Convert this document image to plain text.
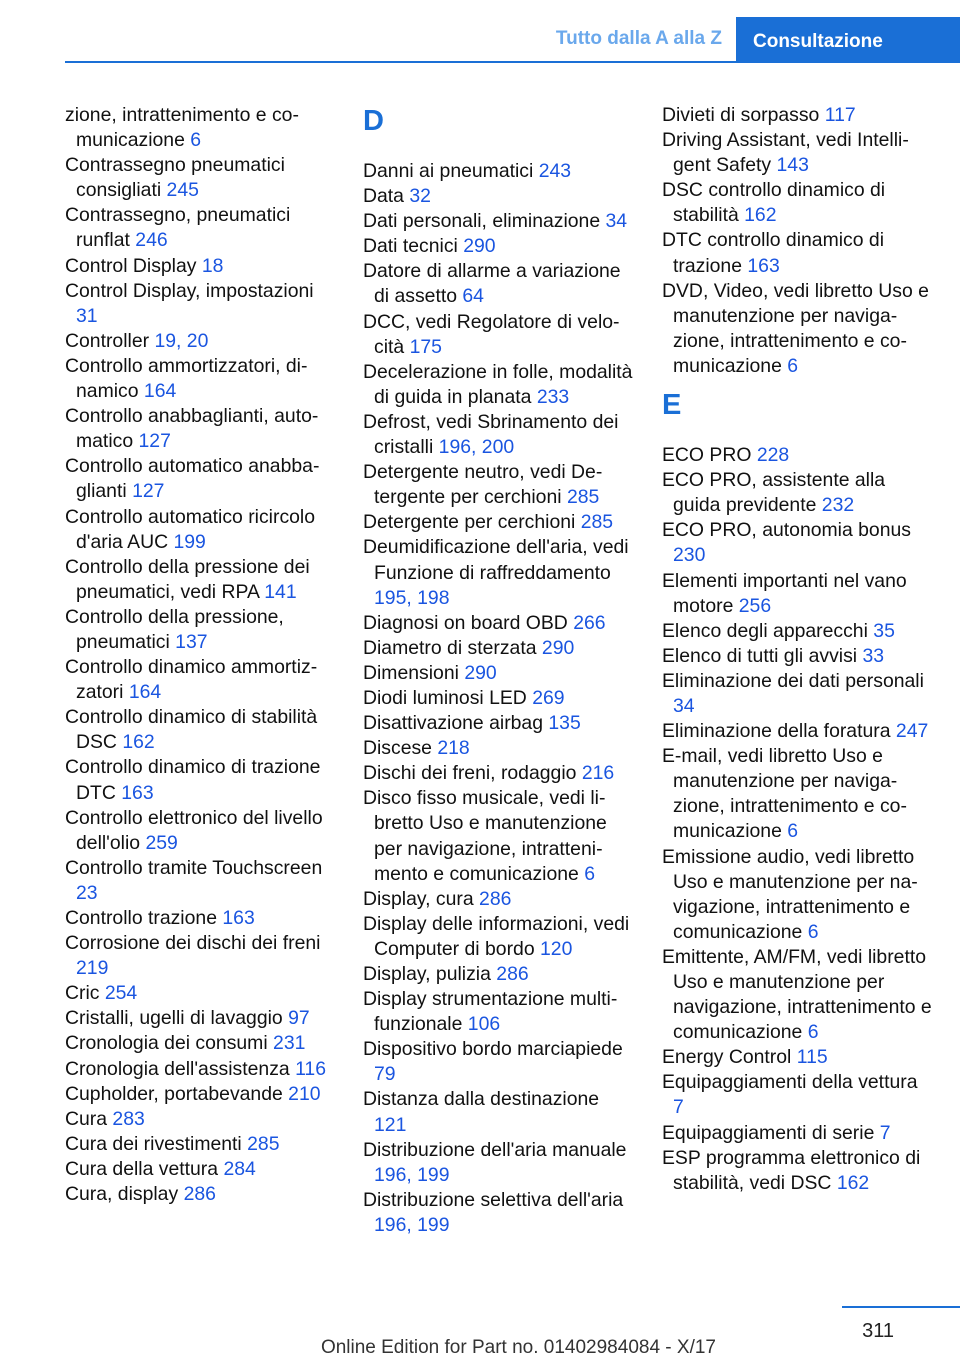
Tutto dalla A alla Z	Consultazione
zione, intrattenimento e comunicazione 6
Contrassegno pneumatici consigliati 245
Contrassegno, pneumatici runflat 246
Control Display 18
Control Display, impostazioni 31
Controller 19, 20
Controllo ammortizzatori, dinamico 164
Controllo anabbaglianti, automatico 127
Controllo automatico anabbaglianti 127
Controllo automatico ricircolo d'aria AUC 199
Controllo della pressione dei pneumatici, vedi RPA 141
Controllo della pressione, pneumatici 137
Controllo dinamico ammortizzatori 164
Controllo dinamico di stabilità DSC 162
Controllo dinamico di trazione DTC 163
Controllo elettronico del livello dell'olio 259
Controllo tramite Touchscreen 23
Controllo trazione 163
Corrosione dei dischi dei freni 219
Cric 254
Cristalli, ugelli di lavaggio 97
Cronologia dei consumi 231
Cronologia dell'assistenza 116
Cupholder, portabevande 210
Cura 283
Cura dei rivestimenti 285
Cura della vettura 284
Cura, display 286
D
Danni ai pneumatici 243
Data 32
Dati personali, eliminazione 34
Dati tecnici 290
Datore di allarme a variazione di assetto 64
DCC, vedi Regolatore di velocità 175
Decelerazione in folle, modalità di guida in planata 233
Defrost, vedi Sbrinamento dei cristalli 196, 200
Detergente neutro, vedi Detergente per cerchioni 285
Detergente per cerchioni 285
Deumidificazione dell'aria, vedi Funzione di raffreddamento 195, 198
Diagnosi on board OBD 266
Diametro di sterzata 290
Dimensioni 290
Diodi luminosi LED 269
Disattivazione airbag 135
Discese 218
Dischi dei freni, rodaggio 216
Disco fisso musicale, vedi libretto Uso e manutenzione per navigazione, intrattenimento e comunicazione 6
Display, cura 286
Display delle informazioni, vedi Computer di bordo 120
Display, pulizia 286
Display strumentazione multifunzionale 106
Dispositivo bordo marciapiede 79
Distanza dalla destinazione 121
Distribuzione dell'aria manuale 196, 199
Distribuzione selettiva dell'aria 196, 199
Divieti di sorpasso 117
Driving Assistant, vedi Intelligent Safety 143
DSC controllo dinamico di stabilità 162
DTC controllo dinamico di trazione 163
DVD, Video, vedi libretto Uso e manutenzione per navigazione, intrattenimento e comunicazione 6
E
ECO PRO 228
ECO PRO, assistente alla guida previdente 232
ECO PRO, autonomia bonus 230
Elementi importanti nel vano motore 256
Elenco degli apparecchi 35
Elenco di tutti gli avvisi 33
Eliminazione dei dati personali 34
Eliminazione della foratura 247
E-mail, vedi libretto Uso e manutenzione per navigazione, intrattenimento e comunicazione 6
Emissione audio, vedi libretto Uso e manutenzione per navigazione, intrattenimento e comunicazione 6
Emittente, AM/FM, vedi libretto Uso e manutenzione per navigazione, intrattenimento e comunicazione 6
Energy Control 115
Equipaggiamenti della vettura 7
Equipaggiamenti di serie 7
ESP programma elettronico di stabilità, vedi DSC 162
311
Online Edition for Part no. 01402984084 - X/17
